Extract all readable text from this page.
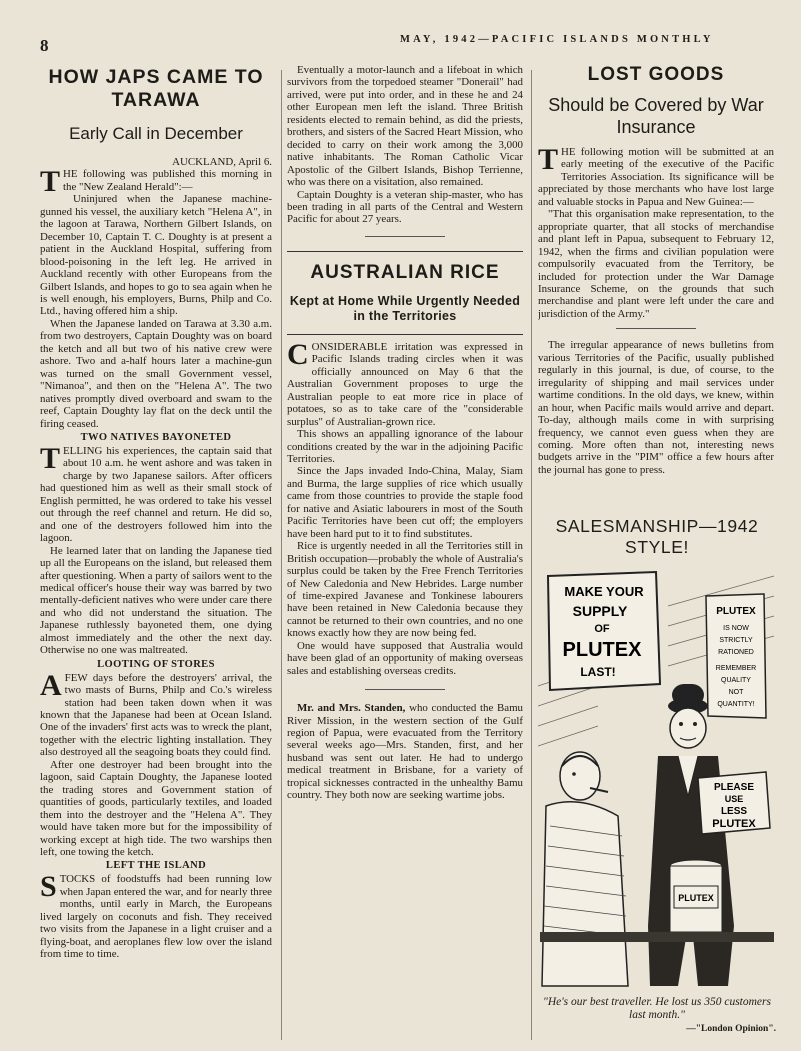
8	MAY, 1942—PACIFIC ISLANDS MONTHLY
HOW JAPS CAME TO TARAWA
Early Call in December

AUCKLAND, April 6.

THE following was published this morning in the "New Zealand Herald":—

Uninjured when the Japanese machine-gunned his vessel, the auxiliary ketch "Helena A", in the lagoon at Tarawa, Northern Gilbert Islands, on December 10, Captain T. C. Doughty is at present a patient in the Auckland Hospital, suffering from blood-poisoning in the left leg. He arrived in Auckland recently with other Europeans from the Gilbert Islands, and hopes to go to sea again when he is well enough, his employers, Burns, Philp and Co. Ltd., having offered him a ship.

When the Japanese landed on Tarawa at 3.30 a.m. from two destroyers, Captain Doughty was on board the ketch and all but two of his native crew were ashore. Two and a-half hours later a machine-gun was turned on the small Government vessel, "Nimanoa", and then on the "Helena A". The two natives promptly dived overboard and swam to the reef, Captain Doughty lay flat on the deck until the firing ceased.

TWO NATIVES BAYONETED

TELLING his experiences, the captain said that about 10 a.m. he went ashore and was taken in charge by two Japanese sailors. After officers had questioned him as well as their small stock of English permitted, he was ordered to take his vessel out through the reef channel and return. He did so, and one of the destroyers followed him into the lagoon.

He learned later that on landing the Japanese tied up all the Europeans on the island, but released them after questioning. When a party of sailors went to the medical officer's house their way was barred by two mentally-deficient natives who were under care there and who did not understand the situation. The Japanese ruthlessly bayoneted them, one dying almost immediately and the other the next day. Otherwise no one was maltreated.

LOOTING OF STORES

AFEW days before the destroyers' arrival, the two masts of Burns, Philp and Co.'s wireless station had been taken down when it was known that the Japanese had been at Ocean Island. One of the invaders' first acts was to wreck the plant, together with the electric lighting installation. They also destroyed all the seagoing boats they could find.

After one destroyer had been brought into the lagoon, said Captain Doughty, the Japanese looted the trading stores and Government station of quantities of goods, particularly textiles, and loaded them into the destroyer and the "Helena A". They would have taken more but for the impossibility of working except at high tide. The two warships then left, one towing the ketch.

LEFT THE ISLAND

STOCKS of foodstuffs had been running low when Japan entered the war, and for nearly three months, until early in March, the Europeans lived largely on coconuts and fish. They received two visits from the Japanese in a light cruiser and a flying-boat, and aeroplanes flew low over the island from time to time.

Eventually a motor-launch and a lifeboat in which survivors from the torpedoed steamer "Donerail" had arrived, were put into order, and in these he and 24 other European men left the island. Three British residents elected to remain behind, as did the priests, brothers, and sisters of the Sacred Heart Mission, who decided to carry on their work among the 3,000 native inhabitants. The Roman Catholic Vicar Apostolic of the Gilbert Islands, Bishop Terrienne, who was there on a visitation, also remained.

Captain Doughty is a veteran ship-master, who has been trading in all parts of the Central and Western Pacific for about 27 years.

AUSTRALIAN RICE
Kept at Home While Urgently Needed in the Territories

CONSIDERABLE irritation was expressed in Pacific Islands trading circles when it was officially announced on May 6 that the Australian Government proposes to urge the Australian people to eat more rice in place of potatoes, so as to take care of the "considerable surplus" of Australian-grown rice.

This shows an appalling ignorance of the labour conditions created by the war in the adjoining Pacific Territories.

Since the Japs invaded Indo-China, Malay, Siam and Burma, the large supplies of rice which usually came from those countries to provide the staple food for native and Asiatic labourers in most of the South Pacific Territories have been cut off; the employers have been hard put to it to find substitutes.

Rice is urgently needed in all the Territories still in British occupation—probably the whole of Australia's surplus could be taken by the Free French Territories of New Caledonia and New Hebrides. Large number of time-expired Javanese and Tonkinese labourers have been retained in New Caledonia because they cannot be returned to their own countries, and no one knows exactly how they are now being fed.

One would have supposed that Australia would have been glad of an opportunity of making overseas sales and establishing overseas credits.

Mr. and Mrs. Standen, who conducted the Bamu River Mission, in the western section of the Gulf region of Papua, were evacuated from the Territory several weeks ago—Mrs. Standen, first, and her husband was sent out later. He had to undergo medical treatment in Brisbane, for a variety of tropical sicknesses contracted in the unhealthy Bamu country. They both now are seeking wartime jobs.

LOST GOODS
Should be Covered by War Insurance

THE following motion will be submitted at an early meeting of the executive of the Pacific Territories Association. Its significance will be appreciated by those merchants who have lost large and valuable stocks in Papua and New Guinea:—

"That this organisation make representation, to the appropriate quarter, that all stocks of merchandise and plant left in Papua, subsequent to February 12, 1942, when the firms and civilian population were compulsorily evacuated from the Territory, be included for protection under the War Damage Insurance Scheme, on the grounds that such merchandise and plant were left under the care and jurisdiction of the Army."

The irregular appearance of news bulletins from various Territories of the Pacific, usually published regularly in this journal, is due, of course, to the irregularity of shipping and mail services under wartime conditions. In the old days, we knew, within an hour, when Pacific mails would arrive and depart. To-day, although mails come in with surprising frequency, we cannot even guess when they are coming. More often than not, interesting news budgets arrive in the "PIM" office a few hours after the journal has gone to press.

SALESMANSHIP—1942 STYLE!
MAKE YOUR
SUPPLY
OF
PLUTEX
LAST!
PLUTEX
IS NOW
STRICTLY
RATIONED
REMEMBER
QUALITY
NOT
QUANTITY!
PLEASE
USE
LESS
PLUTEX
PLUTEX
"He's our best traveller. He lost us 350 customers last month."
—"London Opinion".
